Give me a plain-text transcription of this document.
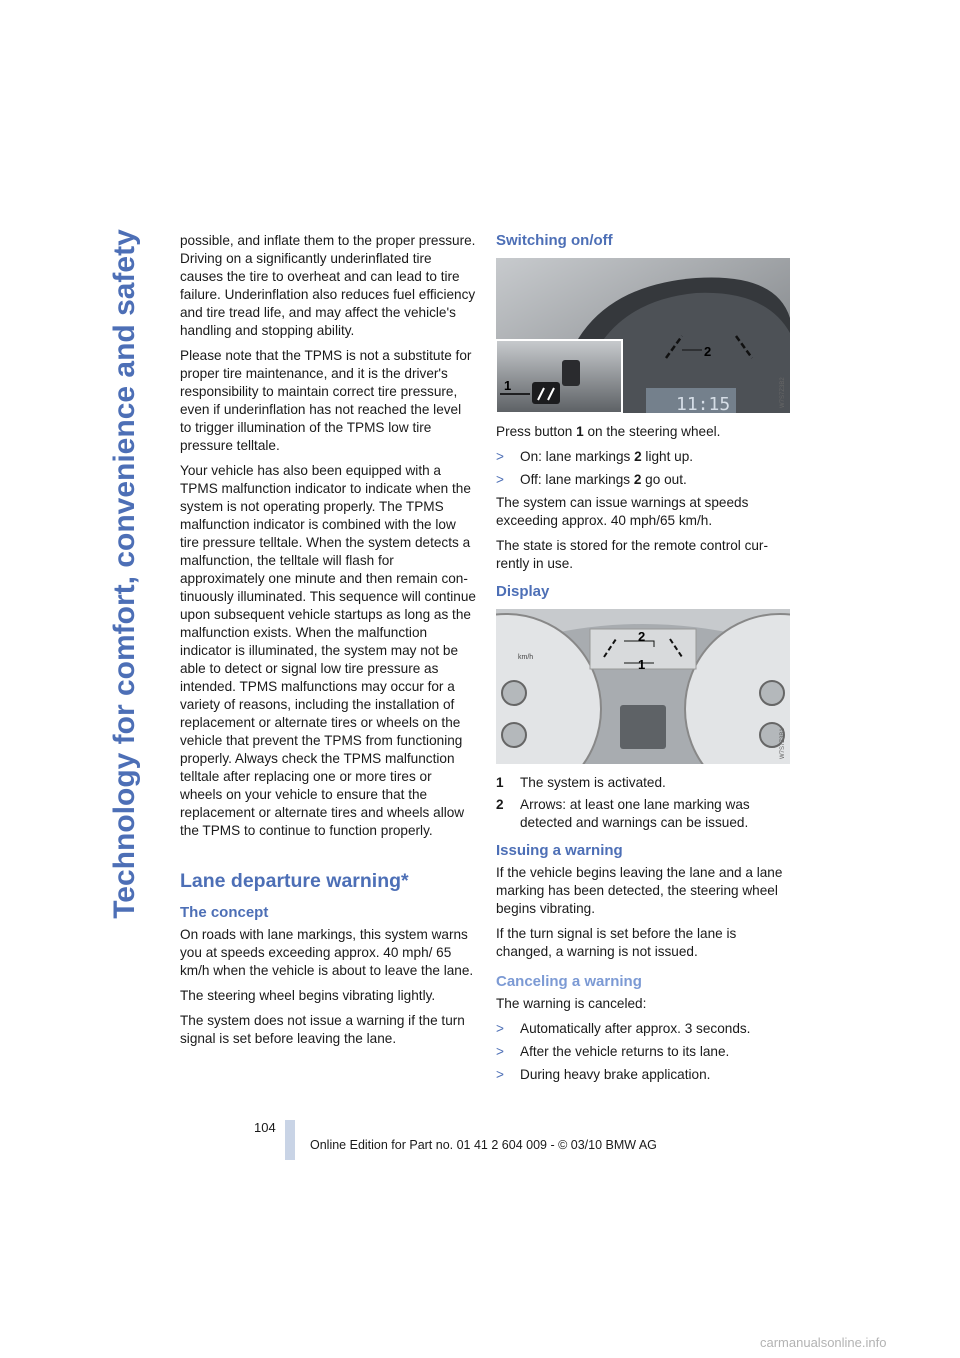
Technology for comfort, convenience and safety	possible, and inflate them to the proper pressure. Driving on a significantly underinflated tire causes the tire to overheat and can lead to tire failure. Underinflation also reduces fuel efficiency and tire tread life, and may affect the vehicle's handling and stopping ability.

Please note that the TPMS is not a substitute for proper tire maintenance, and it is the driver's responsibility to maintain correct tire pressure, even if underinflation has not reached the level to trigger illumination of the TPMS low tire pressure telltale.

Your vehicle has also been equipped with a TPMS malfunction indicator to indicate when the system is not operating properly. The TPMS malfunction indicator is combined with the low tire pressure telltale. When the system detects a malfunction, the telltale will flash for approximately one minute and then remain continuously illuminated. This sequence will continue upon subsequent vehicle startups as long as the malfunction exists. When the malfunction indicator is illuminated, the system may not be able to detect or signal low tire pressure as intended. TPMS malfunctions may occur for a variety of reasons, including the installation of replacement or alternate tires or wheels on the vehicle that prevent the TPMS from functioning properly. Always check the TPMS malfunction telltale after replacing one or more tires or wheels on your vehicle to ensure that the replacement or alternate tires and wheels allow the TPMS to continue to function properly.

Lane departure warning*
The concept

On roads with lane markings, this system warns you at speeds exceeding approx. 40 mph/ 65 km/h when the vehicle is about to leave the lane.

The steering wheel begins vibrating lightly.

The system does not issue a warning if the turn signal is set before leaving the lane.

Switching on/off
1
2
11:15	W7S7Z3B2

Press button 1 on the steering wheel.

>	On: lane markings 2 light up.
>	Off: lane markings 2 go out.

The system can issue warnings at speeds exceeding approx. 40 mph/65 km/h.

The state is stored for the remote control currently in use.

Display
km/h	1
2
W7S7Z3B1
1	The system is activated.
2	Arrows: at least one lane marking was detected and warnings can be issued.
Issuing a warning

If the vehicle begins leaving the lane and a lane marking has been detected, the steering wheel begins vibrating.

If the turn signal is set before the lane is changed, a warning is not issued.

Canceling a warning

The warning is canceled:

>	Automatically after approx. 3 seconds.
>	After the vehicle returns to its lane.
>	During heavy brake application.
104
Online Edition for Part no. 01 41 2 604 009 - © 03/10 BMW AG
carmanualsonline.info
